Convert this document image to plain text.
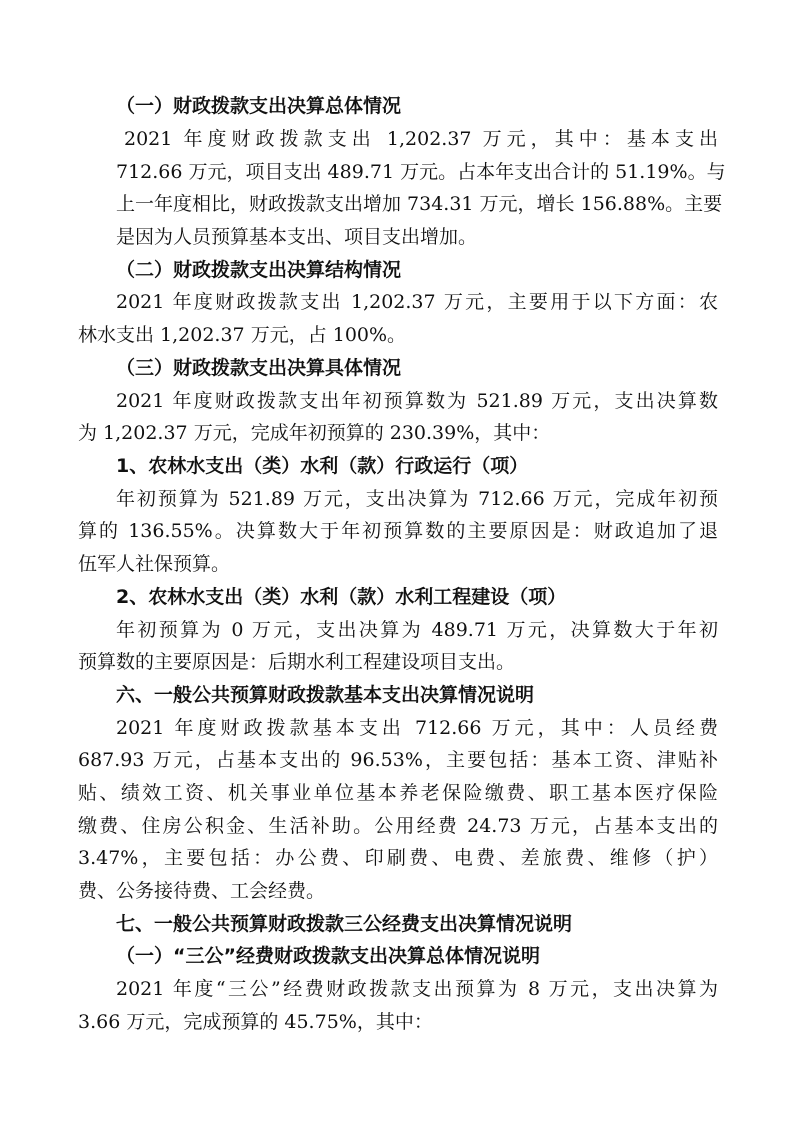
（一）财政拨款支出决算总体情况
2021 年度财政拨款支出 1,202.37 万元，其中：基本支出
712.66 万元，项目支出 489.71 万元。占本年支出合计的 51.19%。与
上一年度相比，财政拨款支出增加 734.31 万元，增长 156.88%。主要
是因为人员预算基本支出、项目支出增加。
（二）财政拨款支出决算结构情况
2021 年度财政拨款支出 1,202.37 万元，主要用于以下方面：农
林水支出 1,202.37 万元，占 100%。
（三）财政拨款支出决算具体情况
2021 年度财政拨款支出年初预算数为 521.89 万元，支出决算数
为 1,202.37 万元，完成年初预算的 230.39%，其中：
1、农林水支出（类）水利（款）行政运行（项）
年初预算为 521.89 万元，支出决算为 712.66 万元，完成年初预
算的 136.55%。决算数大于年初预算数的主要原因是：财政追加了退
伍军人社保预算。
2、农林水支出（类）水利（款）水利工程建设（项）
年初预算为 0 万元，支出决算为 489.71 万元，决算数大于年初
预算数的主要原因是：后期水利工程建设项目支出。
六、一般公共预算财政拨款基本支出决算情况说明
2021 年度财政拨款基本支出 712.66 万元，其中：人员经费
687.93 万元，占基本支出的 96.53%，主要包括：基本工资、津贴补
贴、绩效工资、机关事业单位基本养老保险缴费、职工基本医疗保险
缴费、住房公积金、生活补助。公用经费 24.73 万元，占基本支出的
3.47%，主要包括：办公费、印刷费、电费、差旅费、维修（护）
费、公务接待费、工会经费。
七、一般公共预算财政拨款三公经费支出决算情况说明
（一）“三公”经费财政拨款支出决算总体情况说明
2021 年度“三公”经费财政拨款支出预算为 8 万元，支出决算为
3.66 万元，完成预算的 45.75%，其中：
